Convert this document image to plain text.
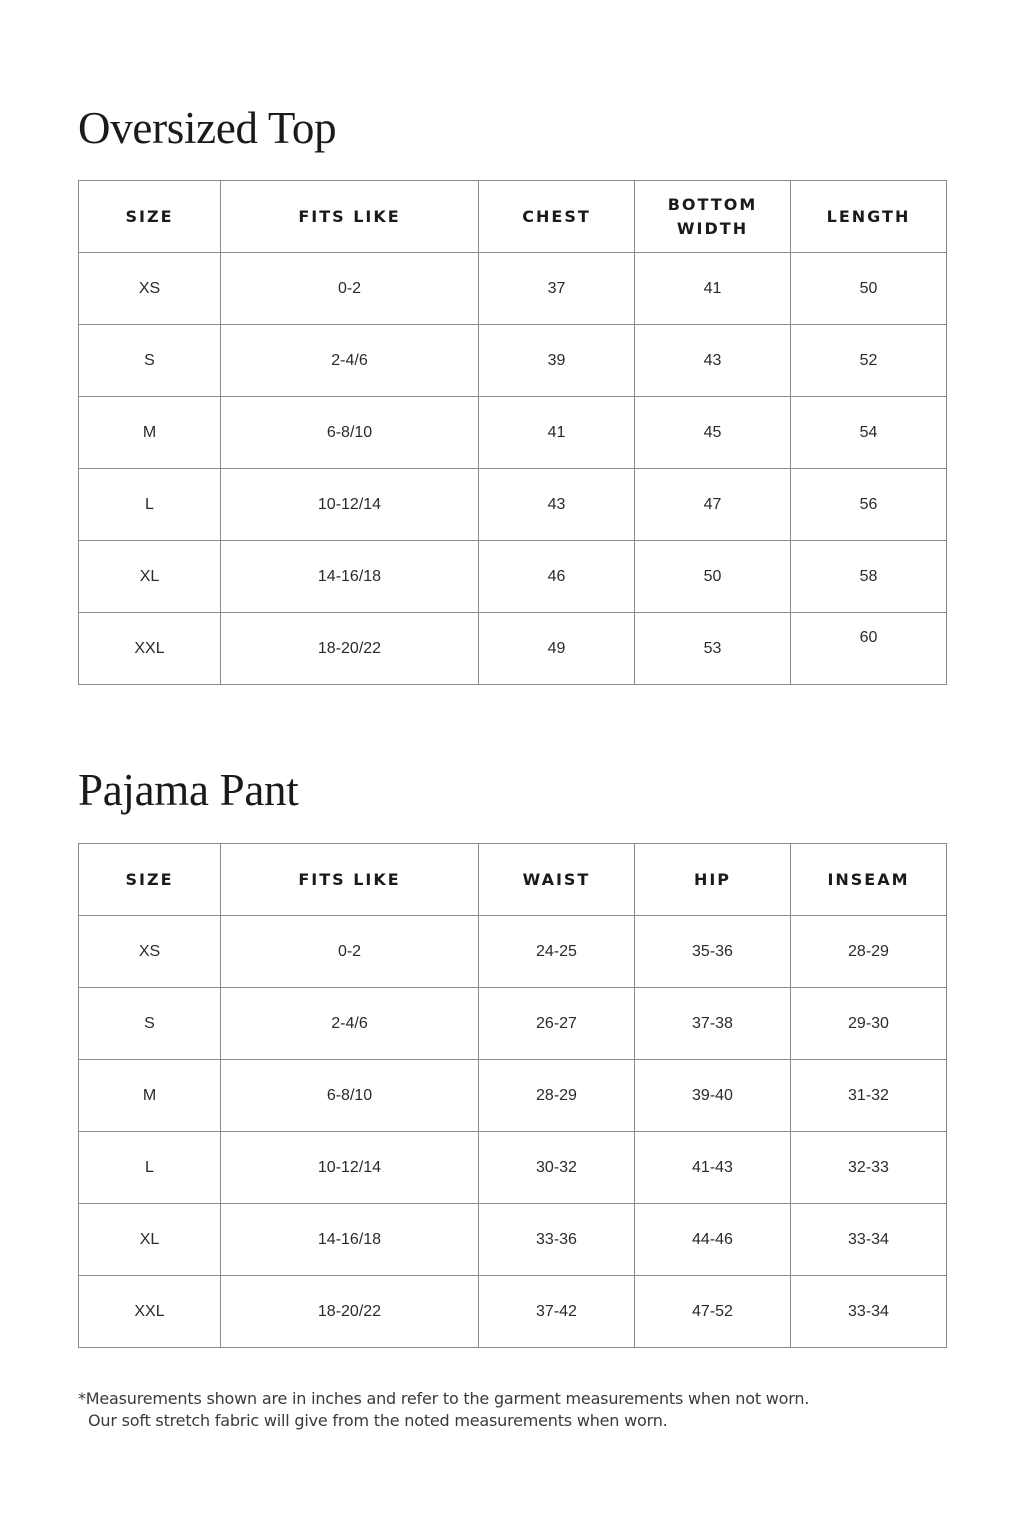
Oversized Top
SIZE	FITS LIKE	CHEST	BOTTOM WIDTH	LENGTH
XS	0-2	37	41	50
S	2-4/6	39	43	52
M	6-8/10	41	45	54
L	10-12/14	43	47	56
XL	14-16/18	46	50	58
XXL	18-20/22	49	53	60
Pajama Pant
SIZE	FITS LIKE	WAIST	HIP	INSEAM
XS	0-2	24-25	35-36	28-29
S	2-4/6	26-27	37-38	29-30
M	6-8/10	28-29	39-40	31-32
L	10-12/14	30-32	41-43	32-33
XL	14-16/18	33-36	44-46	33-34
XXL	18-20/22	37-42	47-52	33-34
*Measurements shown are in inches and refer to the garment measurements when not worn.
Our soft stretch fabric will give from the noted measurements when worn.
